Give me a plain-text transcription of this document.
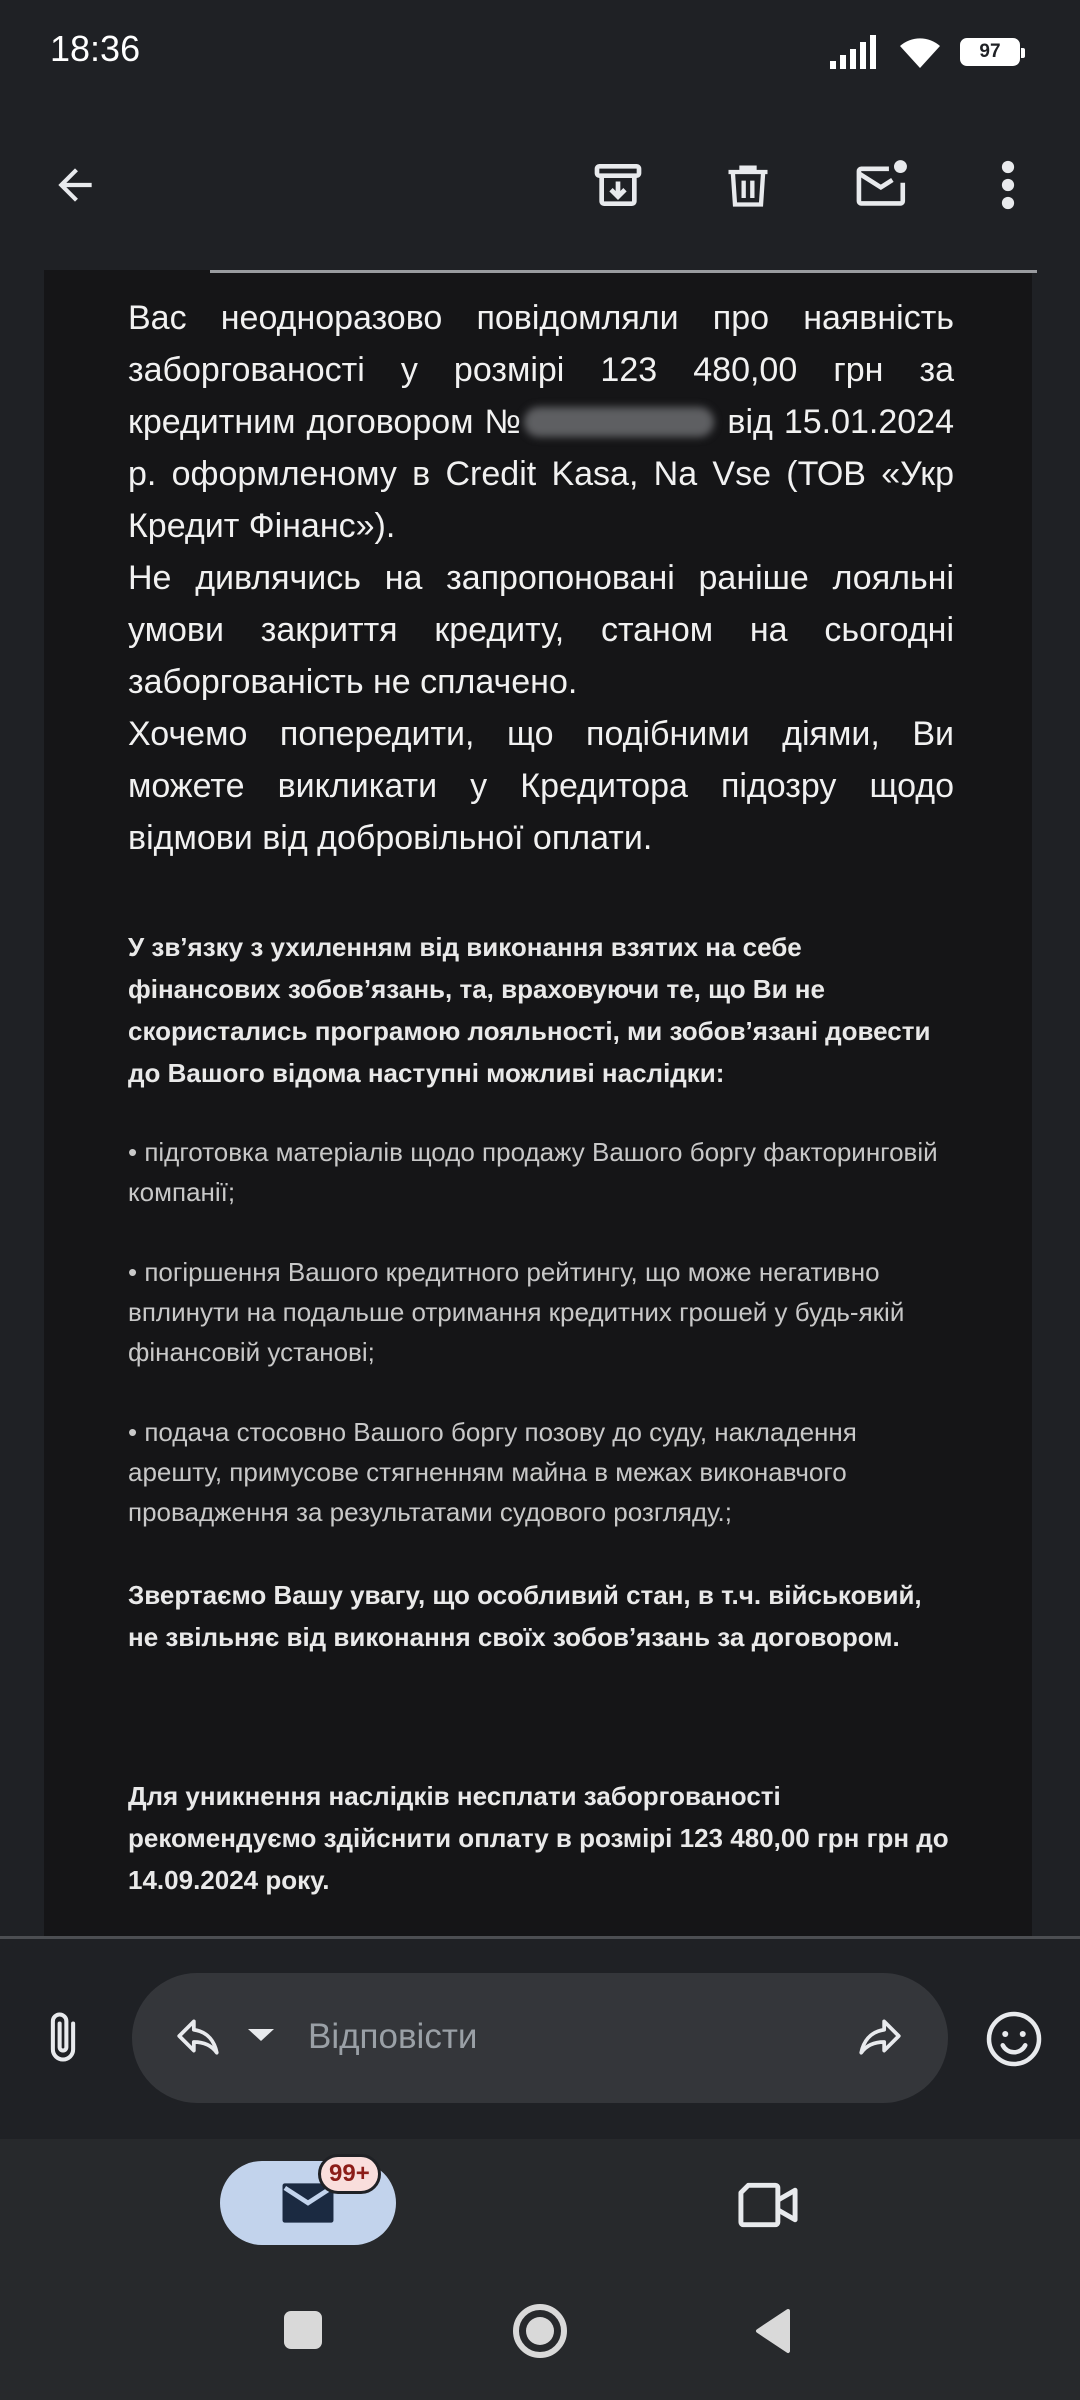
18:36	97

Вас неодноразово повідомляли про наявність заборгованості у розмірі 123 480,00 грн за кредитним договором №	від 15.01.2024 р. оформленому в Credit Kasa, Na Vse (ТОВ «Укр Кредит Фінанс»).

Не дивлячись на запропоновані раніше лояльні умови закриття кредиту, станом на сьогодні заборгованість не сплачено.

Хочемо попередити, що подібними діями, Ви можете викликати у Кредитора підозру щодо відмови від добровільної оплати.

У зв’язку з ухиленням від виконання взятих на себе фінансових зобов’язань, та, враховуючи те, що Ви не скористались програмою лояльності, ми зобов’язані довести до Вашого відома наступні можливі наслідки:

• підготовка матеріалів щодо продажу Вашого боргу факторинговій компанії;

• погіршення Вашого кредитного рейтингу, що може негативно вплинути на подальше отримання кредитних грошей у будь-якій фінансовій установі;

• подача стосовно Вашого боргу позову до суду, накладення арешту, примусове стягненням майна в межах виконавчого провадження за результатами судового розгляду.;

Звертаємо Вашу увагу, що особливий стан, в т.ч. військовий, не звільняє від виконання своїх зобов’язань за договором.

Для уникнення наслідків несплати заборгованості рекомендуємо здійснити оплату в розмірі 123 480,00 грн грн до 14.09.2024 року.

Відповісти
99+
